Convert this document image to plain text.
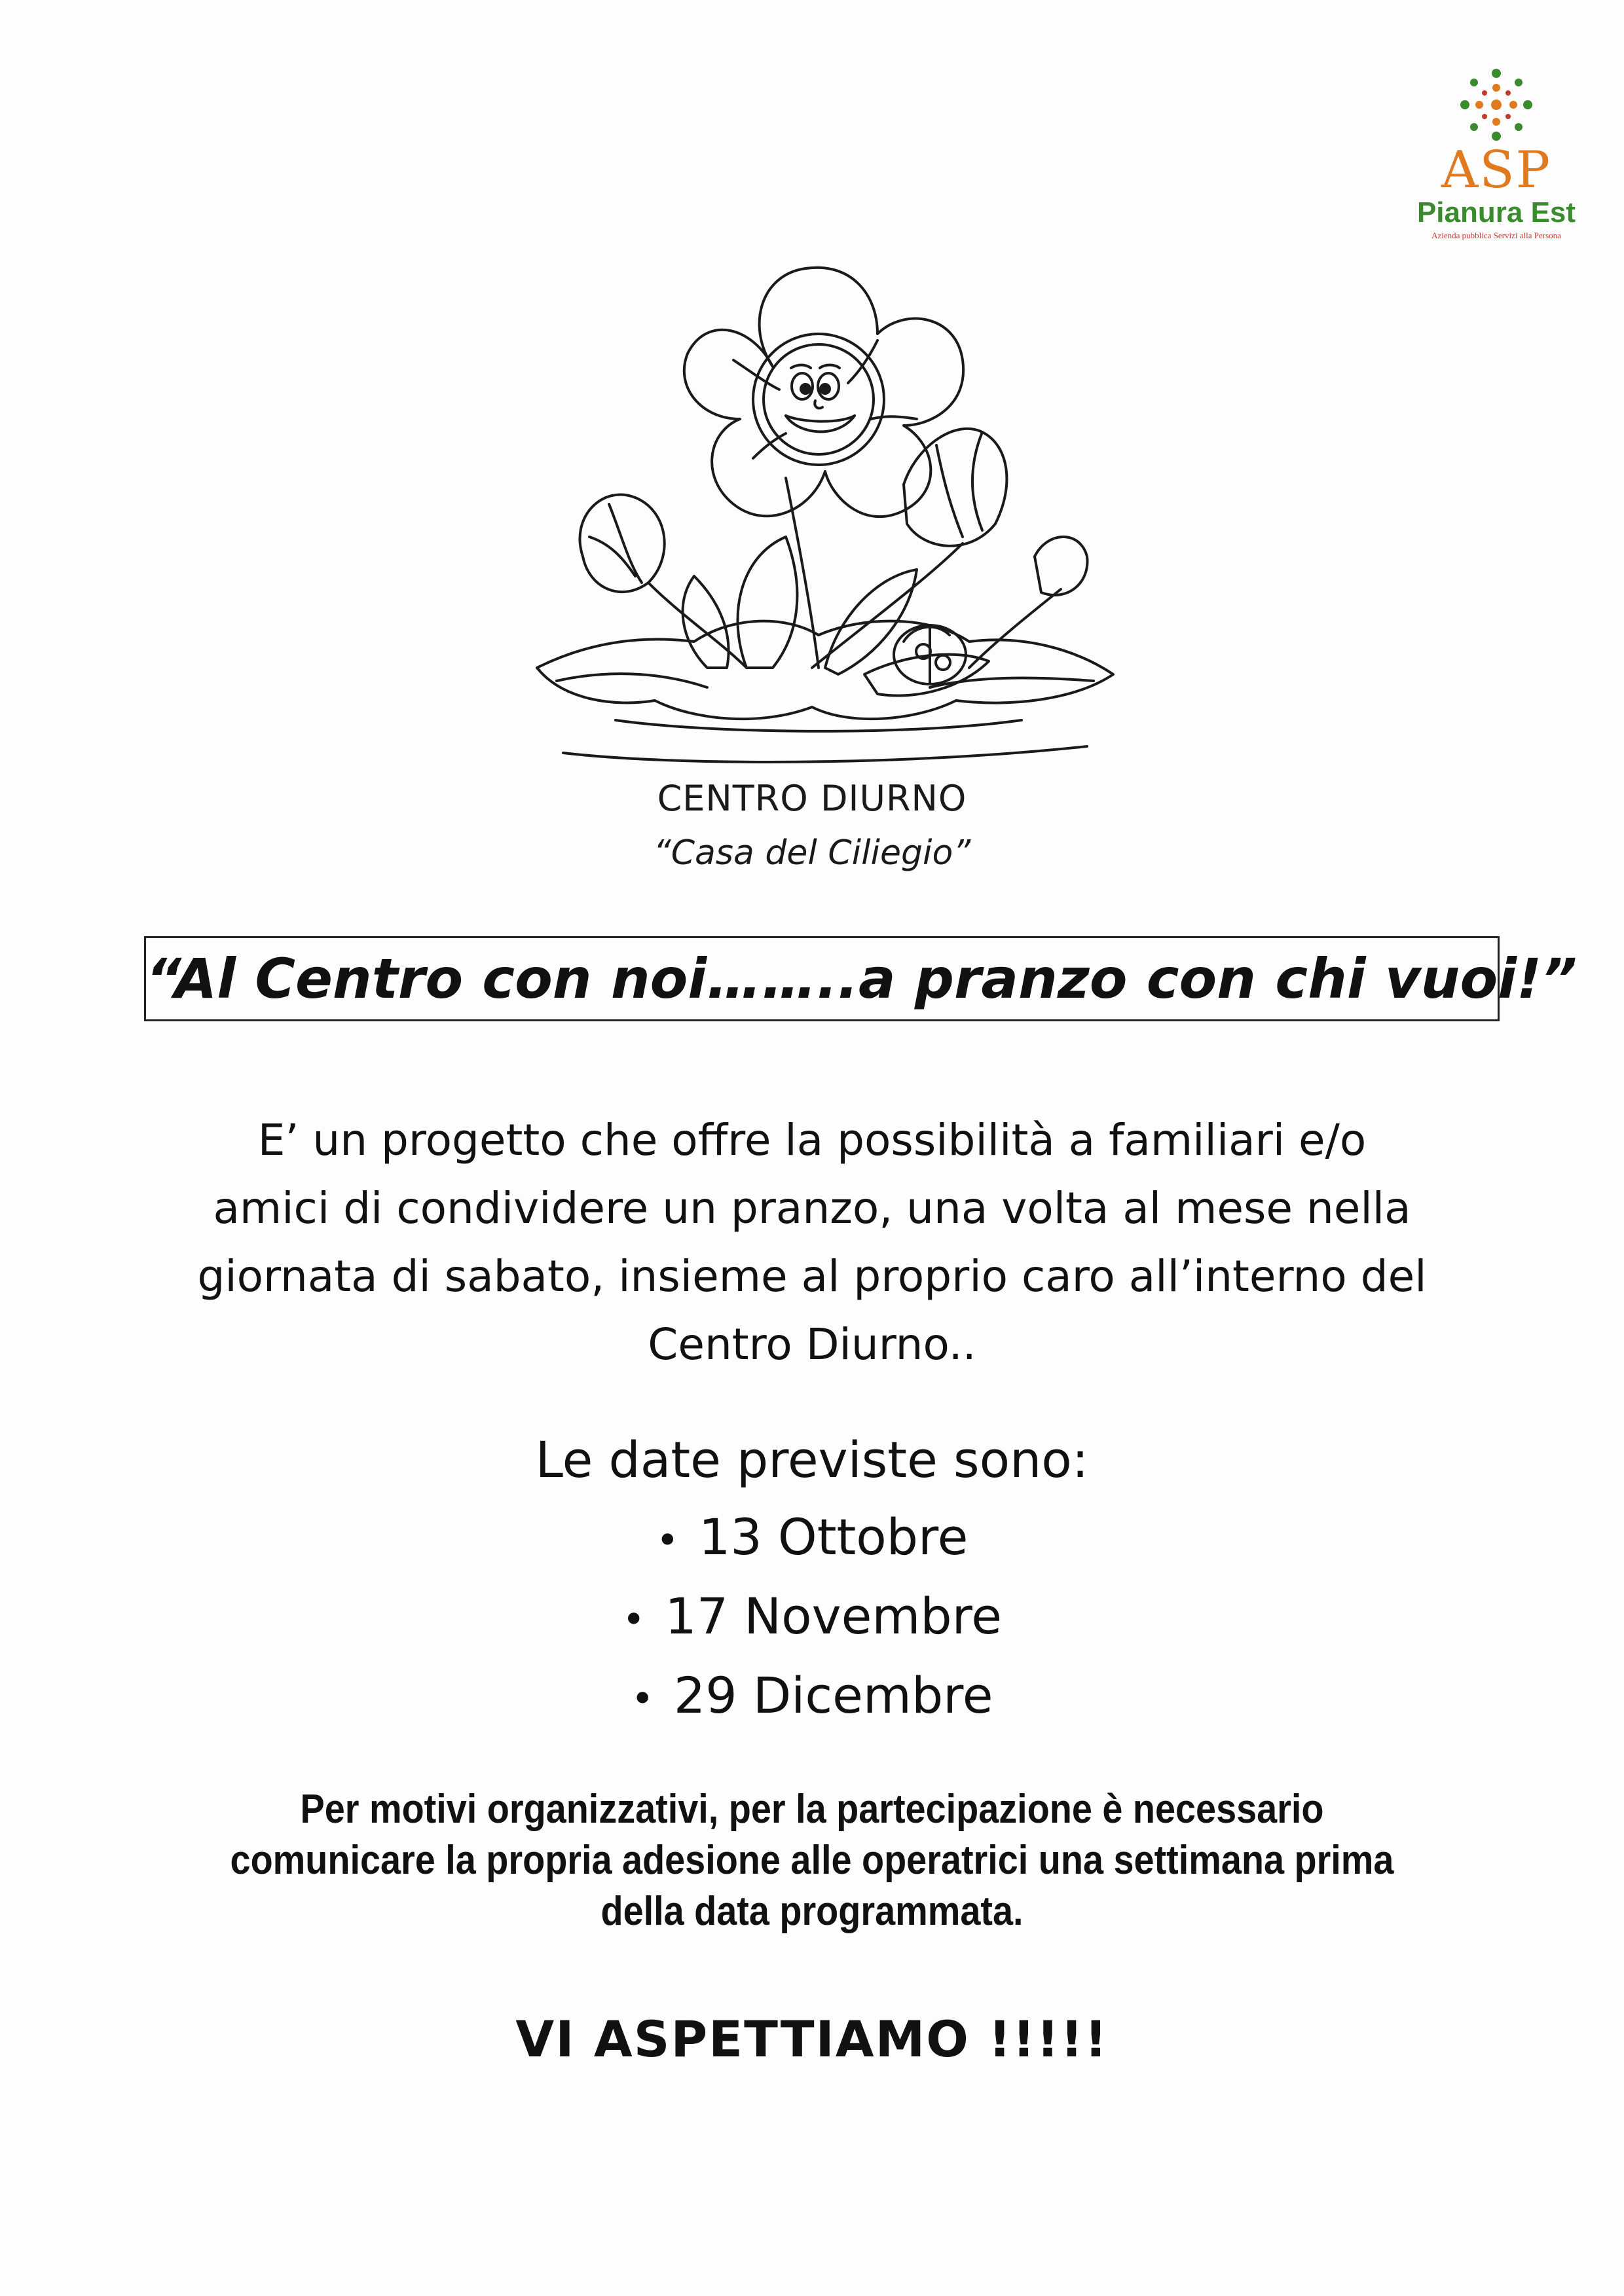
ASP
Pianura Est
Azienda pubblica Servizi alla Persona
CENTRO DIURNO
“Casa del Ciliegio”
“Al Centro con noi……..a pranzo con chi vuoi!”
E’ un progetto che offre la possibilità a familiari e/o
amici di condividere un pranzo, una volta al mese nella
giornata di sabato, insieme al proprio caro all’interno del
Centro Diurno..
Le date previste sono:
• 13 Ottobre
• 17 Novembre
• 29 Dicembre
Per motivi organizzativi, per la partecipazione è necessario
comunicare la propria adesione alle operatrici una settimana prima
della data programmata.
VI ASPETTIAMO !!!!!
